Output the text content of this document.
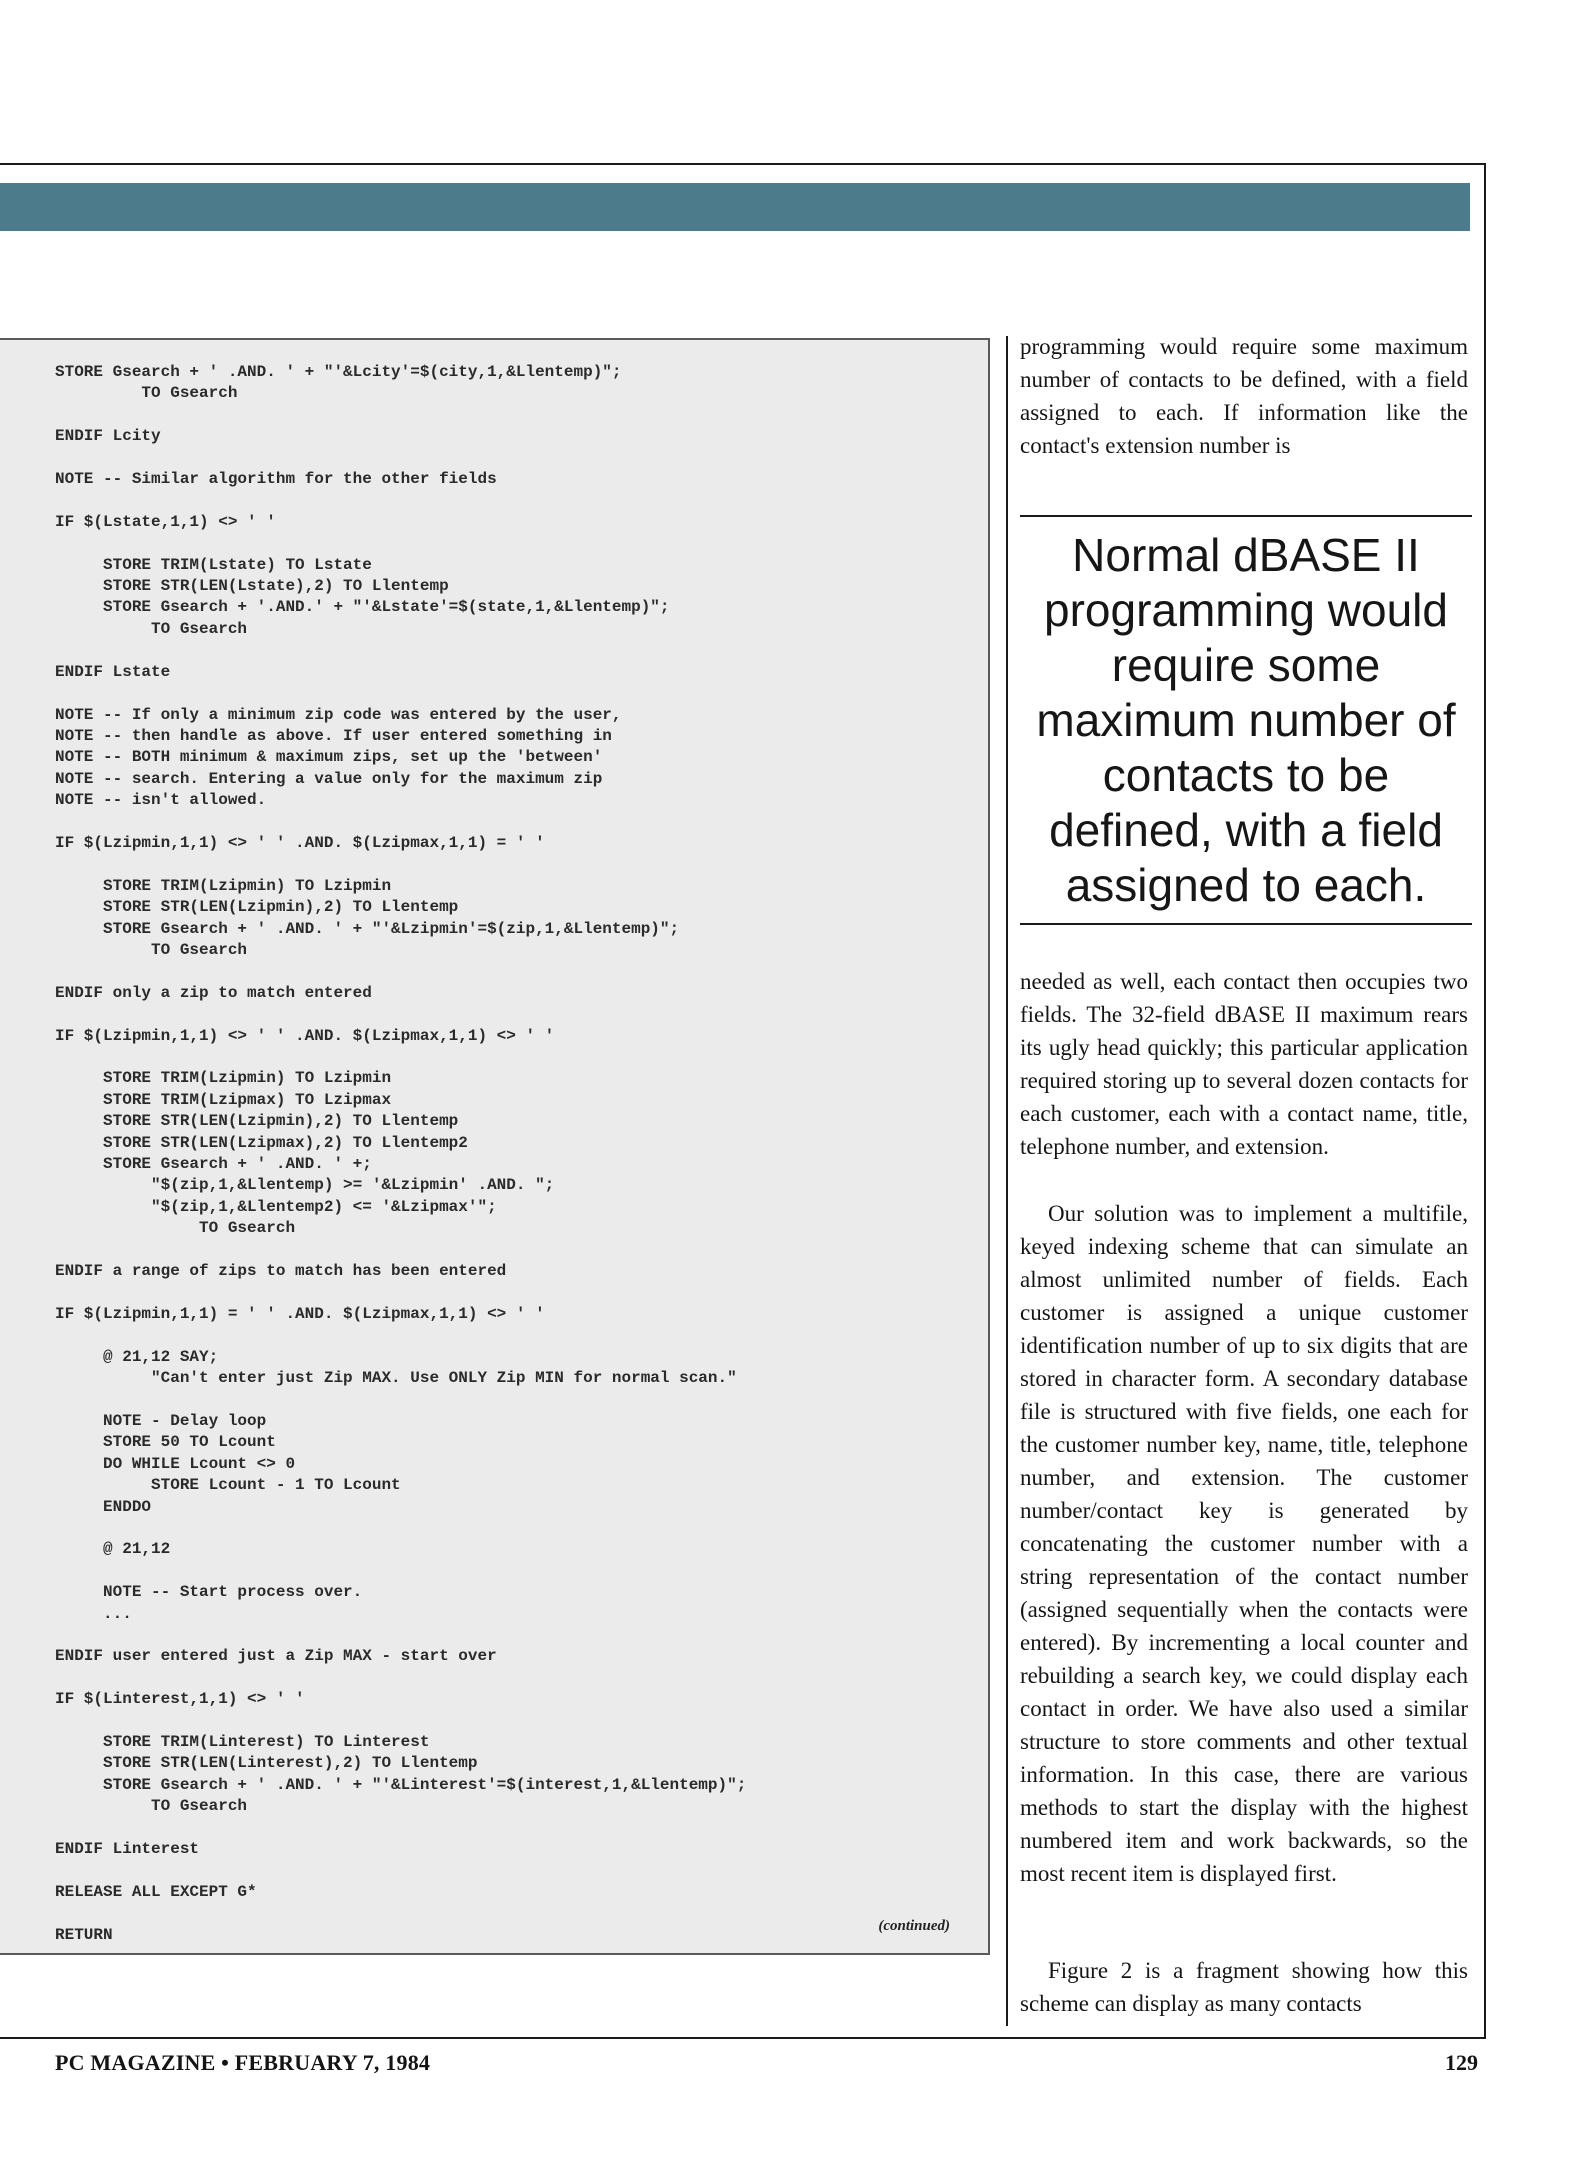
STORE Gsearch + ' .AND. ' + "'&Lcity'=$(city,1,&Llentemp)";
TO Gsearch

ENDIF Lcity

NOTE -- Similar algorithm for the other fields

IF $(Lstate,1,1) <> ' '

STORE TRIM(Lstate) TO Lstate
STORE STR(LEN(Lstate),2) TO Llentemp
STORE Gsearch + '.AND.' + "'&Lstate'=$(state,1,&Llentemp)";
TO Gsearch

ENDIF Lstate

NOTE -- If only a minimum zip code was entered by the user,
NOTE -- then handle as above. If user entered something in
NOTE -- BOTH minimum & maximum zips, set up the 'between'
NOTE -- search. Entering a value only for the maximum zip
NOTE -- isn't allowed.

IF $(Lzipmin,1,1) <> ' ' .AND. $(Lzipmax,1,1) = ' '

STORE TRIM(Lzipmin) TO Lzipmin
STORE STR(LEN(Lzipmin),2) TO Llentemp
STORE Gsearch + ' .AND. ' + "'&Lzipmin'=$(zip,1,&Llentemp)";
TO Gsearch

ENDIF only a zip to match entered

IF $(Lzipmin,1,1) <> ' ' .AND. $(Lzipmax,1,1) <> ' '

STORE TRIM(Lzipmin) TO Lzipmin
STORE TRIM(Lzipmax) TO Lzipmax
STORE STR(LEN(Lzipmin),2) TO Llentemp
STORE STR(LEN(Lzipmax),2) TO Llentemp2
STORE Gsearch + ' .AND. ' +;
"$(zip,1,&Llentemp) >= '&Lzipmin' .AND. ";
"$(zip,1,&Llentemp2) <= '&Lzipmax'";
TO Gsearch

ENDIF a range of zips to match has been entered

IF $(Lzipmin,1,1) = ' ' .AND. $(Lzipmax,1,1) <> ' '

@ 21,12 SAY;
"Can't enter just Zip MAX. Use ONLY Zip MIN for normal scan."

NOTE - Delay loop
STORE 50 TO Lcount
DO WHILE Lcount <> 0
STORE Lcount - 1 TO Lcount
ENDDO

@ 21,12

NOTE -- Start process over.
...

ENDIF user entered just a Zip MAX - start over

IF $(Linterest,1,1) <> ' '

STORE TRIM(Linterest) TO Linterest
STORE STR(LEN(Linterest),2) TO Llentemp
STORE Gsearch + ' .AND. ' + "'&Linterest'=$(interest,1,&Llentemp)";
TO Gsearch

ENDIF Linterest

RELEASE ALL EXCEPT G*

RETURN	(continued)

programming would require some maximum number of contacts to be defined, with a field assigned to each. If information like the contact's extension number is

Normal dBASE II programming would require some maximum number of contacts to be defined, with a field assigned to each.

needed as well, each contact then occupies two fields. The 32-field dBASE II maximum rears its ugly head quickly; this particular application required storing up to several dozen contacts for each customer, each with a contact name, title, telephone number, and extension.

Our solution was to implement a multifile, keyed indexing scheme that can simulate an almost unlimited number of fields. Each customer is assigned a unique customer identification number of up to six digits that are stored in character form. A secondary database file is structured with five fields, one each for the customer number key, name, title, telephone number, and extension. The customer number/contact key is generated by concatenating the customer number with a string representation of the contact number (assigned sequentially when the contacts were entered). By incrementing a local counter and rebuilding a search key, we could display each contact in order. We have also used a similar structure to store comments and other textual information. In this case, there are various methods to start the display with the highest numbered item and work backwards, so the most recent item is displayed first.

Figure 2 is a fragment showing how this scheme can display as many contacts

PC MAGAZINE • FEBRUARY 7, 1984	129
